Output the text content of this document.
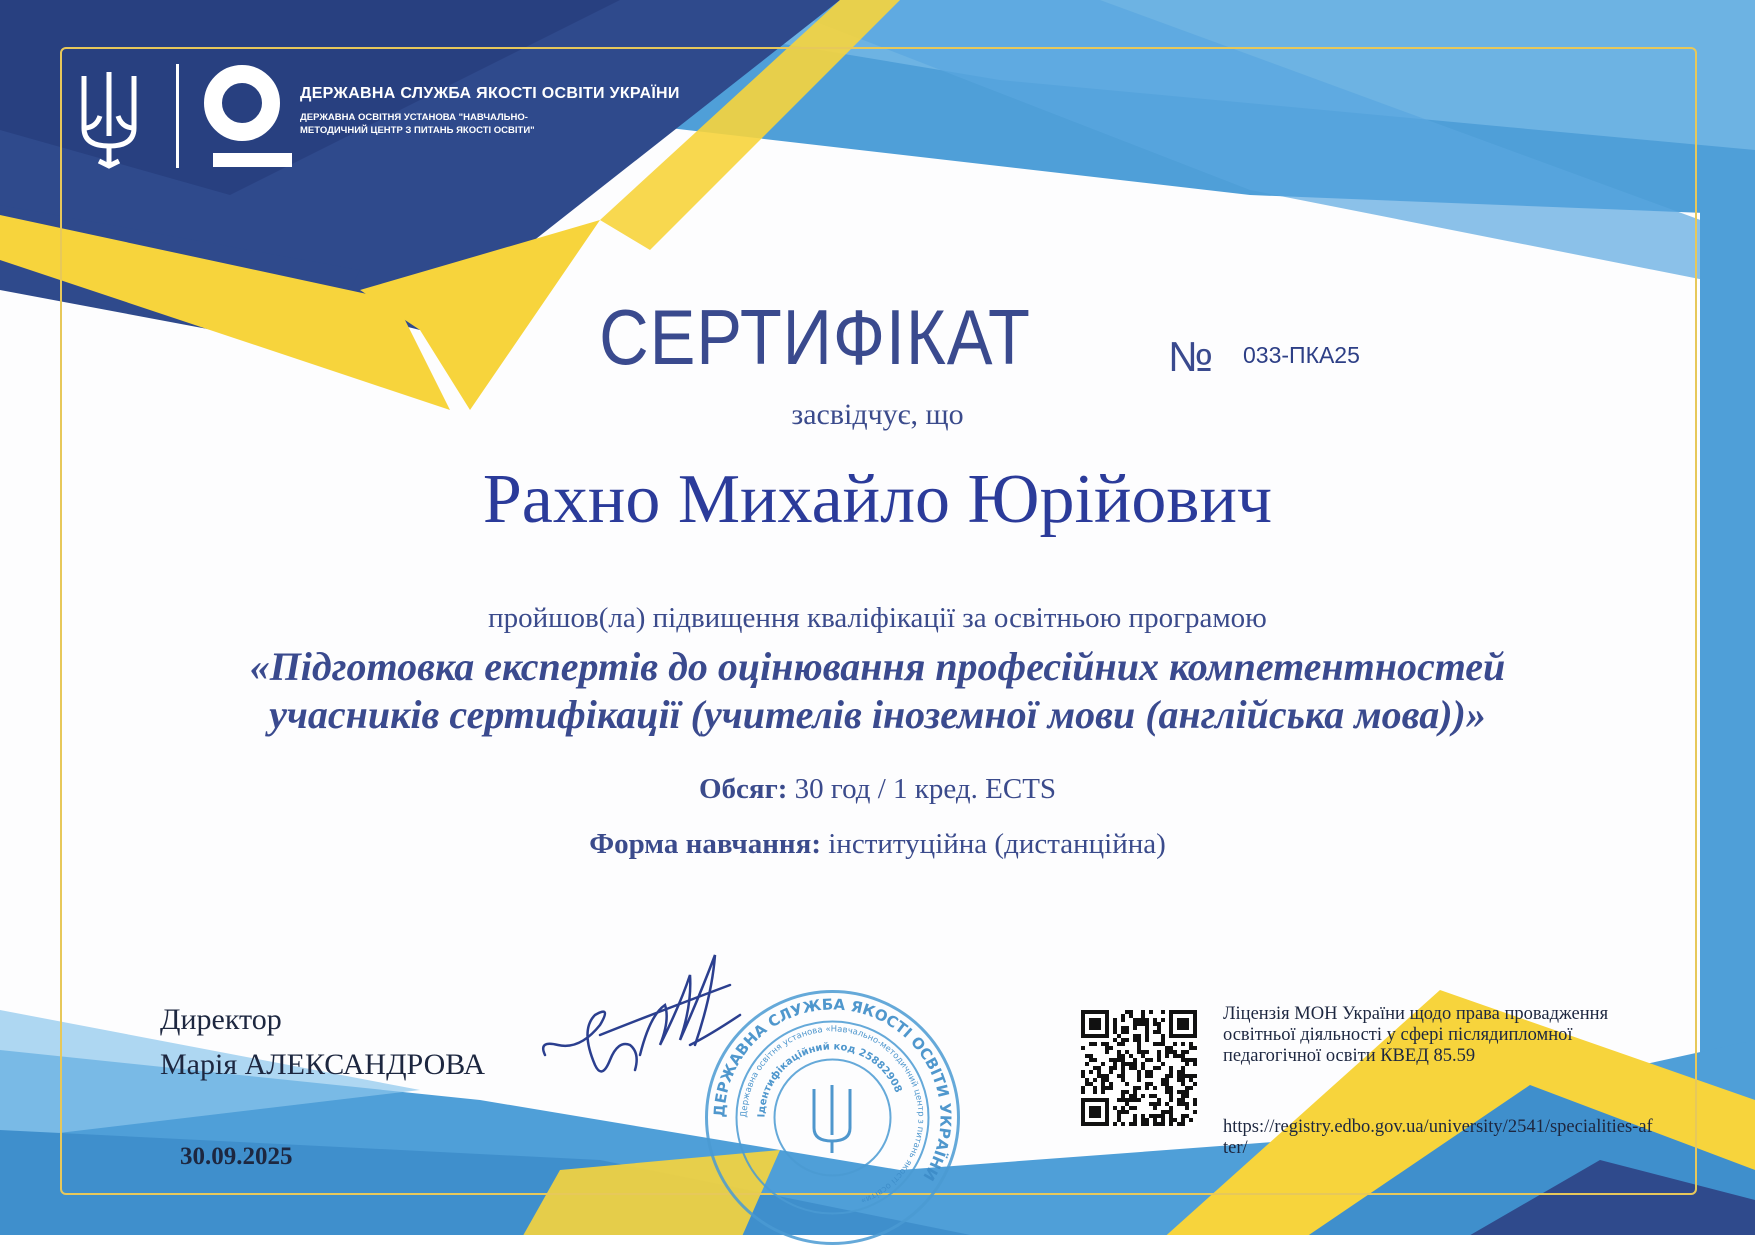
ДЕРЖАВНА СЛУЖБА ЯКОСТІ ОСВІТИ УКРАЇНИ
ДЕРЖАВНА ОСВІТНЯ УСТАНОВА "НАВЧАЛЬНО-
МЕТОДИЧНИЙ ЦЕНТР З ПИТАНЬ ЯКОСТІ ОСВІТИ"
СЕРТИФІКАТ	№ 033-ПКА25
засвідчує, що
Рахно Михайло Юрійович
пройшов(ла) підвищення кваліфікації за освітньою програмою
«Підготовка експертів до оцінювання професійних компетентностей
учасників сертифікації (учителів іноземної мови (англійська мова))»
Обсяг: 30 год / 1 кред. ECTS
Форма навчання: інституційна (дистанційна)
Директор
Марія АЛЕКСАНДРОВА
30.09.2025
ДЕРЖАВНА СЛУЖБА ЯКОСТІ ОСВІТИ УКРАЇНИ
Державна освітня установа «Навчально-методичний центр з питань якості освіти»
Ідентифікаційний код 25882908
Ліцензія МОН України щодо права провадження освітньої діяльності у сфері післядипломної педагогічної освіти КВЕД 85.59
https://registry.edbo.gov.ua/university/2541/specialities-after/
